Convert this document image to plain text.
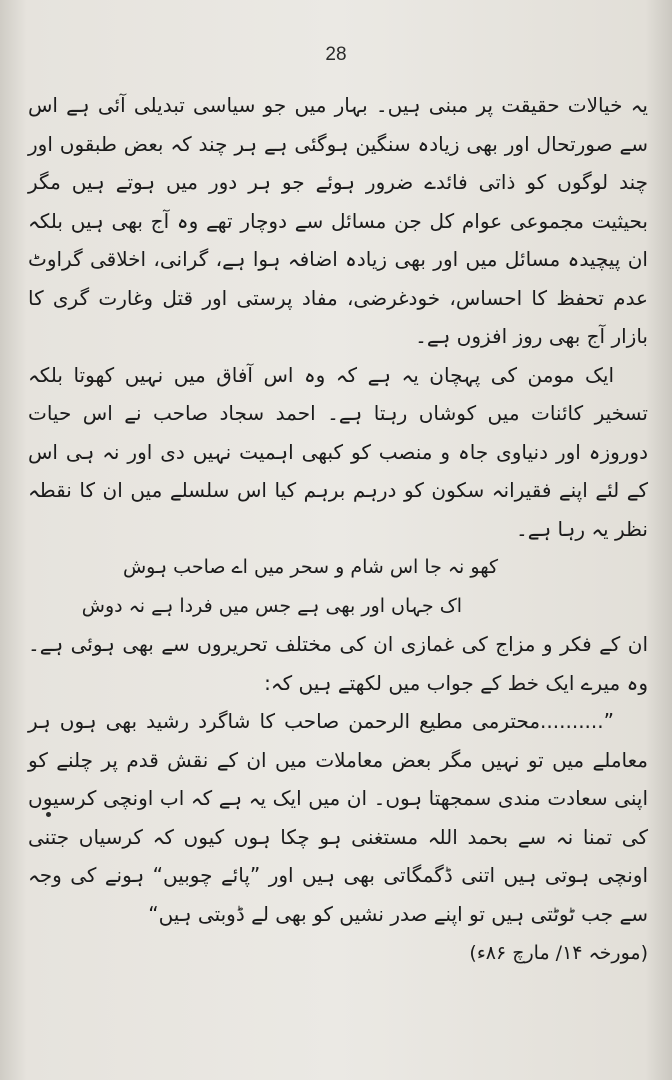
28

یہ خیالات حقیقت پر مبنی ہیں۔ بہار میں جو سیاسی تبدیلی آئی ہے اس سے صورتحال اور بھی زیادہ سنگین ہوگئی ہے ہر چند کہ بعض طبقوں اور چند لوگوں کو ذاتی فائدے ضرور ہوئے جو ہر دور میں ہوتے ہیں مگر بحیثیت مجموعی عوام کل جن مسائل سے دوچار تھے وہ آج بھی ہیں بلکہ ان پیچیدہ مسائل میں اور بھی زیادہ اضافہ ہوا ہے، گرانی، اخلاقی گراوٹ عدم تحفظ کا احساس، خودغرضی، مفاد پرستی اور قتل وغارت گری کا بازار آج بھی روز افزوں ہے۔

ایک مومن کی پہچان یہ ہے کہ وہ اس آفاق میں نہیں کھوتا بلکہ تسخیر کائنات میں کوشاں رہتا ہے۔ احمد سجاد صاحب نے اس حیات دوروزہ اور دنیاوی جاہ و منصب کو کبھی اہمیت نہیں دی اور نہ ہی اس کے لئے اپنے فقیرانہ سکون کو درہم برہم کیا اس سلسلے میں ان کا نقطہ نظر یہ رہا ہے۔

کھو نہ جا اس شام و سحر میں اے صاحب ہوش

اک جہاں اور بھی ہے جس میں فردا ہے نہ دوش

ان کے فکر و مزاج کی غمازی ان کی مختلف تحریروں سے بھی ہوئی ہے۔ وہ میرے ایک خط کے جواب میں لکھتے ہیں کہ:

”..........محترمی مطیع الرحمن صاحب کا شاگرد رشید بھی ہوں ہر معاملے میں تو نہیں مگر بعض معاملات میں ان کے نقش قدم پر چلنے کو اپنی سعادت مندی سمجھتا ہوں۔ ان میں ایک یہ ہے کہ اب اونچی کرسیوں کی تمنا نہ سے بحمد اللہ مستغنی ہو چکا ہوں کیوں کہ کرسیاں جتنی اونچی ہوتی ہیں اتنی ڈگمگاتی بھی ہیں اور ”پائے چوبیں“ ہونے کی وجہ سے جب ٹوٹتی ہیں تو اپنے صدر نشیں کو بھی لے ڈوبتی ہیں“

(مورخہ ۱۴/ مارچ ۸۶ء)
